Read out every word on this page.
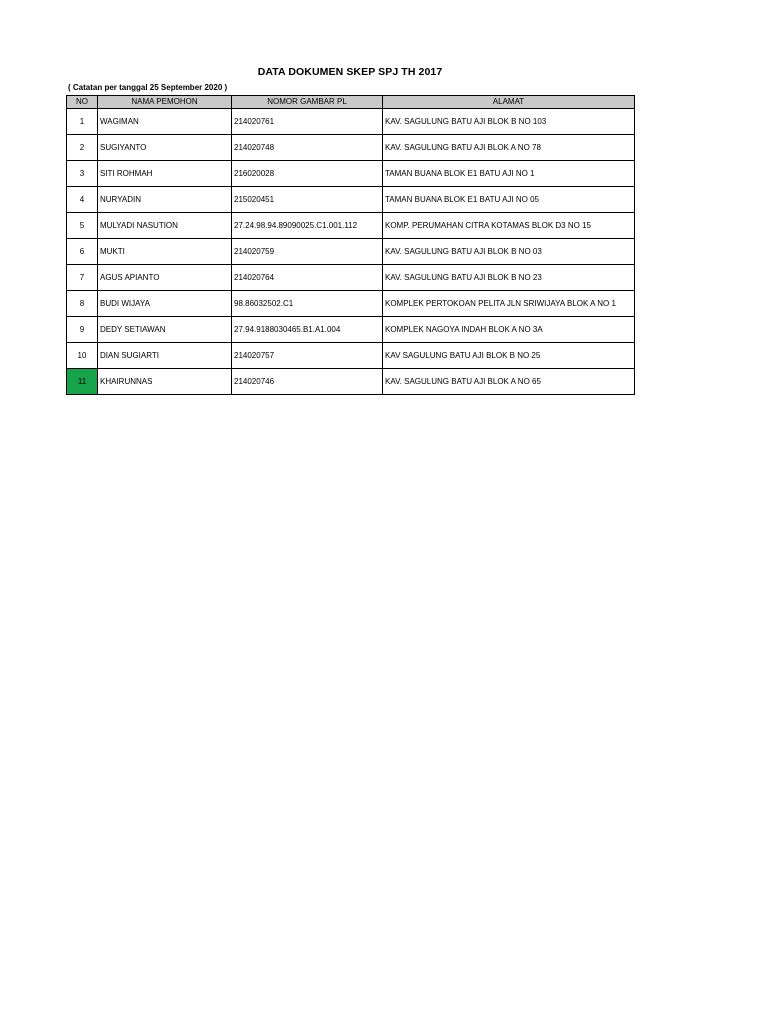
DATA DOKUMEN SKEP SPJ TH 2017
( Catatan per tanggal 25 September 2020 )
NO	NAMA PEMOHON	NOMOR GAMBAR PL	ALAMAT
1	WAGIMAN	214020761	KAV. SAGULUNG BATU AJI BLOK B NO 103
2	SUGIYANTO	214020748	KAV. SAGULUNG BATU AJI BLOK A NO 78
3	SITI ROHMAH	216020028	TAMAN BUANA BLOK E1 BATU AJI NO 1
4	NURYADIN	215020451	TAMAN BUANA BLOK E1 BATU AJI NO 05
5	MULYADI NASUTION	27.24.98.94.89090025.C1.001.112	KOMP. PERUMAHAN CITRA KOTAMAS BLOK D3 NO 15
6	MUKTI	214020759	KAV. SAGULUNG BATU AJI BLOK B NO 03
7	AGUS APIANTO	214020764	KAV. SAGULUNG BATU AJI BLOK B NO 23
8	BUDI WIJAYA	98.86032502.C1	KOMPLEK PERTOKOAN PELITA JLN SRIWIJAYA BLOK A NO 1
9	DEDY SETIAWAN	27.94.9188030465.B1.A1.004	KOMPLEK NAGOYA INDAH BLOK A NO 3A
10	DIAN SUGIARTI	214020757	KAV SAGULUNG BATU AJI BLOK B NO 25
11	KHAIRUNNAS	214020746	KAV. SAGULUNG BATU AJI BLOK A NO 65
